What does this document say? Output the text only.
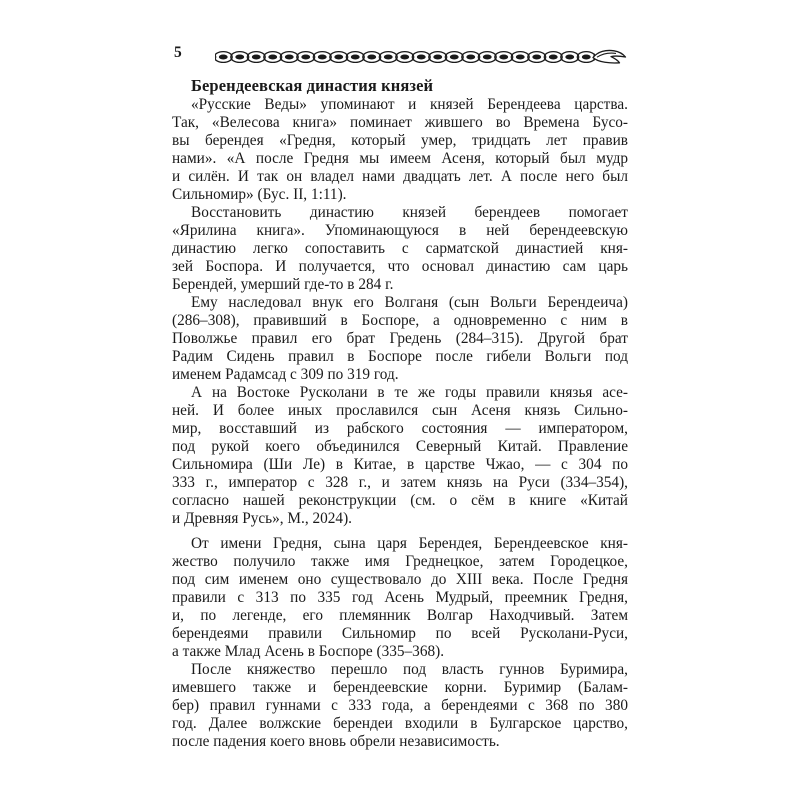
5
Берендеевская династия князей
«Русские Веды» упоминают и князей Берендеева царства.
Так, «Велесова книга» поминает жившего во Времена Бусо-
вы берендея «Гредня, который умер, тридцать лет правив
нами». «А после Гредня мы имеем Асеня, который был мудр
и силён. И так он владел нами двадцать лет. А после него был
Сильномир» (Бус. II, 1:11).
Восстановить династию князей берендеев помогает
«Ярилина книга». Упоминающуюся в ней берендеевскую
династию легко сопоставить с сарматской династией кня-
зей Боспора. И получается, что основал династию сам царь
Берендей, умерший где-то в 284 г.
Ему наследовал внук его Волганя (сын Вольги Берендеича)
(286–308), правивший в Боспоре, а одновременно с ним в
Поволжье правил его брат Гредень (284–315). Другой брат
Радим Сидень правил в Боспоре после гибели Вольги под
именем Радамсад с 309 по 319 год.
А на Востоке Русколани в те же годы правили князья асе-
ней. И более иных прославился сын Асеня князь Сильно-
мир, восставший из рабского состояния — императором,
под рукой коего объединился Северный Китай. Правление
Сильномира (Ши Ле) в Китае, в царстве Чжао, — с 304 по
333 г., император с 328 г., и затем князь на Руси (334–354),
согласно нашей реконструкции (см. о сём в книге «Китай
и Древняя Русь», М., 2024).
От имени Гредня, сына царя Берендея, Берендеевское кня-
жество получило также имя Греднецкое, затем Городецкое,
под сим именем оно существовало до XIII века. После Гредня
правили с 313 по 335 год Асень Мудрый, преемник Гредня,
и, по легенде, его племянник Волгар Находчивый. Затем
берендеями правили Сильномир по всей Русколани-Руси,
а также Млад Асень в Боспоре (335–368).
После княжество перешло под власть гуннов Буримира,
имевшего также и берендеевские корни. Буримир (Балам-
бер) правил гуннами с 333 года, а берендеями с 368 по 380
год. Далее волжские берендеи входили в Булгарское царство,
после падения коего вновь обрели независимость.
